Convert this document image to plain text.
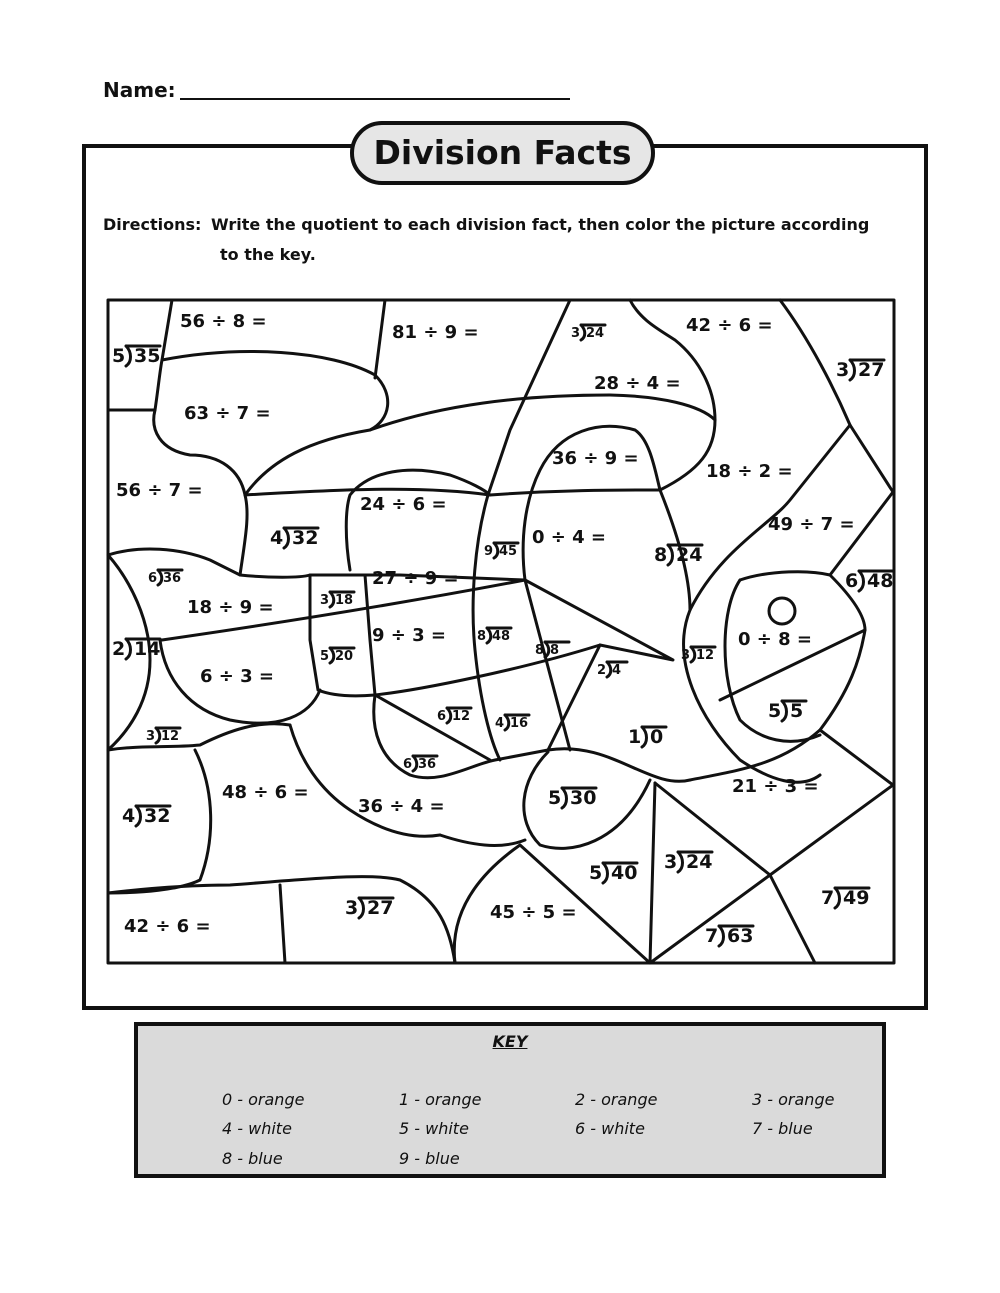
Name:
Division Facts
Directions: Write the quotient to each division fact, then color the picture according
to the key.
56 ÷ 8 =
81 ÷ 9 =	42 ÷ 6 =
28 ÷ 4 =
63 ÷ 7 =
36 ÷ 9 =
18 ÷ 2 =
56 ÷ 7 =
24 ÷ 6 =
0 ÷ 4 =
49 ÷ 7 =
27 ÷ 9 =
18 ÷ 9 =
9 ÷ 3 =	0 ÷ 8 =
6 ÷ 3 =
48 ÷ 6 =
36 ÷ 4 =
21 ÷ 3 =
45 ÷ 5 =
42 ÷ 6 =
5 35
3 24
3 27
4 32
9 45	8 24
6 36
3 18
6 48
2 14	5 20
8 48
8 8	3 12
2 4
5 5
6 12 4 16
3 12	1 0
6 36
4 32
5 30
5 40 3 24
3 27	7 49
7 63
KEY
0 - orange	1 - orange	2 - orange	3 - orange
4 - white	5 - white	6 - white	7 - blue
8 - blue	9 - blue
